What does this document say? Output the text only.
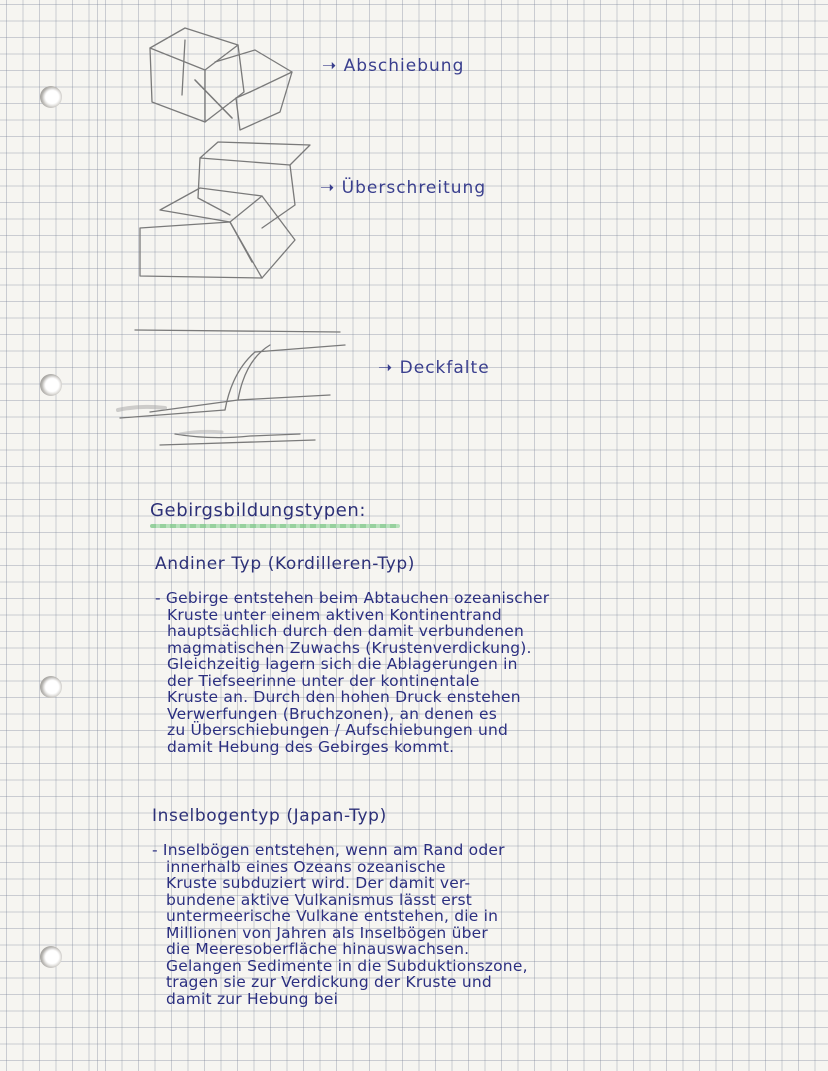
➝ Abschiebung
➝ Überschreitung
➝ Deckfalte
Gebirgsbildungstypen:
Andiner Typ (Kordilleren-Typ)
- Gebirge entstehen beim Abtauchen ozeanischer
Kruste unter einem aktiven Kontinentrand
hauptsächlich durch den damit verbundenen
magmatischen Zuwachs (Krustenverdickung).
Gleichzeitig lagern sich die Ablagerungen in
der Tiefseerinne unter der kontinentale
Kruste an. Durch den hohen Druck enstehen
Verwerfungen (Bruchzonen), an denen es
zu Überschiebungen / Aufschiebungen und
damit Hebung des Gebirges kommt.
Inselbogentyp (Japan-Typ)
- Inselbögen entstehen, wenn am Rand oder
innerhalb eines Ozeans ozeanische
Kruste subduziert wird. Der damit ver-
bundene aktive Vulkanismus lässt erst
untermeerische Vulkane entstehen, die in
Millionen von Jahren als Inselbögen über
die Meeresoberfläche hinauswachsen.
Gelangen Sedimente in die Subduktionszone,
tragen sie zur Verdickung der Kruste und
damit zur Hebung bei
